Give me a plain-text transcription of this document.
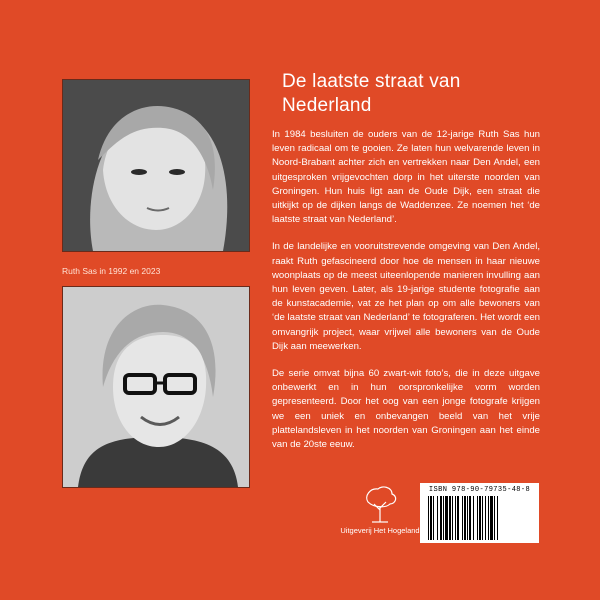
Ruth Sas in 1992 en 2023
De laatste straat van Nederland

In 1984 besluiten de ouders van de 12-jarige Ruth Sas hun leven radicaal om te gooien. Ze laten hun welvarende leven in Noord-Brabant achter zich en vertrekken naar Den Andel, een uitgesproken vrijgevochten dorp in het uiterste noorden van Groningen. Hun huis ligt aan de Oude Dijk, een straat die uitkijkt op de dijken langs de Waddenzee. Ze noemen het ‘de laatste straat van Nederland’.

In de landelijke en vooruitstrevende omgeving van Den Andel, raakt Ruth gefascineerd door hoe de mensen in haar nieuwe woonplaats op de meest uiteenlopende manieren invulling aan hun leven geven. Later, als 19-jarige studente fotografie aan de kunstacademie, vat ze het plan op om alle bewoners van ‘de laatste straat van Nederland’ te fotograferen. Het wordt een omvangrijk project, waar vrijwel alle bewoners van de Oude Dijk aan meewerken.

De serie omvat bijna 60 zwart-wit foto’s, die in deze uitgave onbewerkt en in hun oorspronkelijke vorm worden gepresenteerd. Door het oog van een jonge fotografe krijgen we een uniek en onbevangen beeld van het vrije plattelandsleven in het noorden van Groningen aan het einde van de 20ste eeuw.

Uitgeverij Het Hogeland
ISBN 978-90-79735-48-8
